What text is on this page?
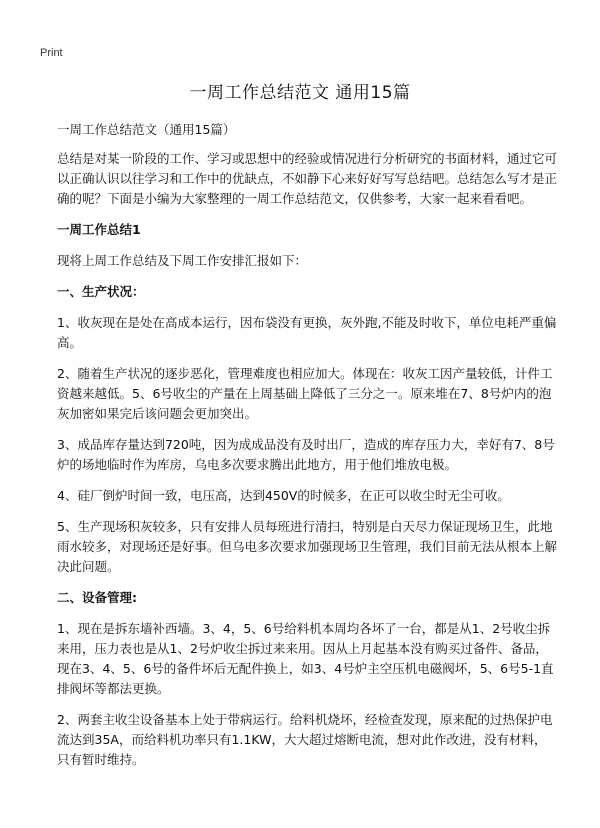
Print
一周工作总结范文 通用15篇

一周工作总结范文（通用15篇）

总结是对某一阶段的工作、学习或思想中的经验或情况进行分析研究的书面材料，通过它可以正确认识以往学习和工作中的优缺点，不如静下心来好好写写总结吧。总结怎么写才是正确的呢？下面是小编为大家整理的一周工作总结范文，仅供参考，大家一起来看看吧。

一周工作总结1

现将上周工作总结及下周工作安排汇报如下：

一、生产状况：

1、收灰现在是处在高成本运行，因布袋没有更换，灰外跑,不能及时收下，单位电耗严重偏高。

2、随着生产状况的逐步恶化，管理难度也相应加大。体现在：收灰工因产量较低，计件工资越来越低。5、6号收尘的产量在上周基础上降低了三分之一。原来堆在7、8号炉内的泡灰加密如果完后该问题会更加突出。

3、成品库存量达到720吨，因为成成品没有及时出厂，造成的库存压力大，幸好有7、8号炉的场地临时作为库房，乌电多次要求腾出此地方，用于他们堆放电极。

4、硅厂倒炉时间一致，电压高，达到450V的时候多，在正可以收尘时无尘可收。

5、生产现场积灰较多，只有安排人员每班进行清扫，特别是白天尽力保证现场卫生，此地雨水较多，对现场还是好事。但乌电多次要求加强现场卫生管理，我们目前无法从根本上解决此问题。

二、设备管理:

1、现在是拆东墙补西墙。3、4，5、6号给料机本周均各坏了一台，都是从1、2号收尘拆来用，压力表也是从1、2号炉收尘拆过来来用。因从上月起基本没有购买过备件、备品，现在3、4、5、6号的备件坏后无配件换上，如3、4号炉主空压机电磁阀坏，5、6号5-1直排阀坏等都法更换。

2、两套主收尘设备基本上处于带病运行。给料机烧坏，经检查发现，原来配的过热保护电流达到35A，而给料机功率只有1.1KW，大大超过熔断电流，想对此作改进，没有材料，只有暂时维持。
